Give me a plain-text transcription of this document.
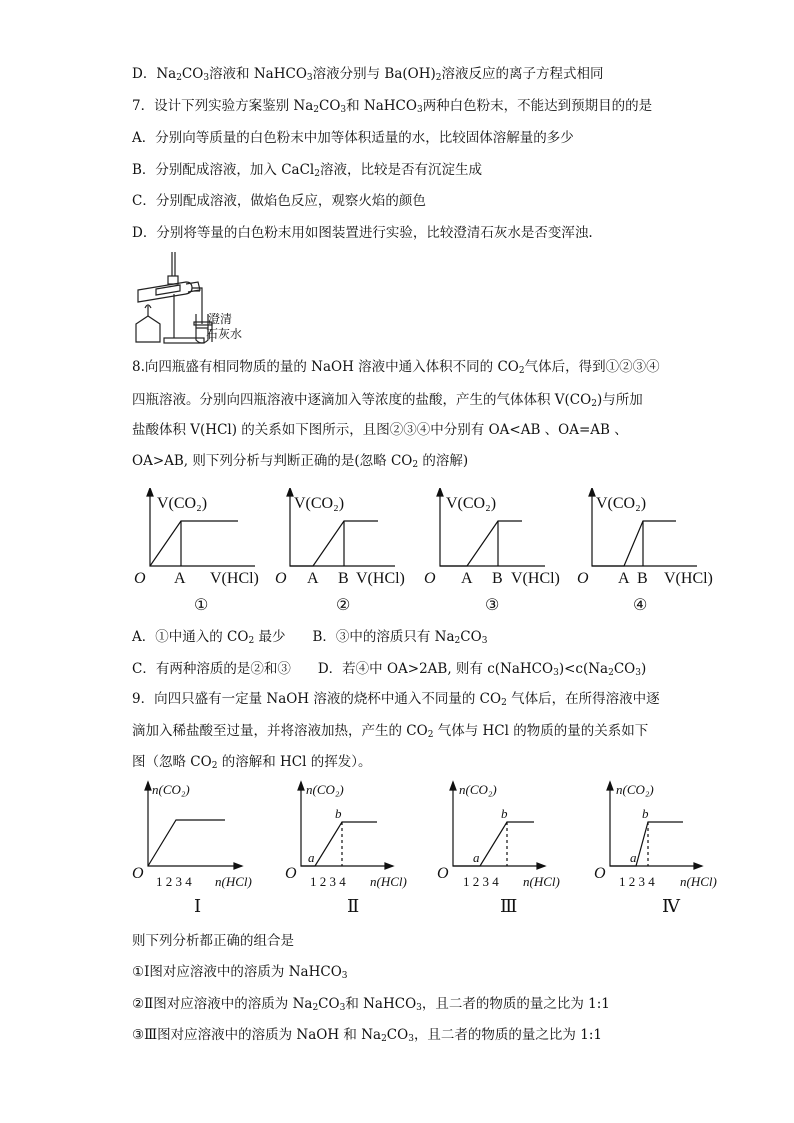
D．$Na_2CO_3$溶液和 NaHCO$_3$溶液分别与 $Ba(OH)_2$溶液反应的离子方程式相同
7．设计下列实验方案鉴别 $Na_2CO_3$和 NaHCO$_3$两种白色粉末，不能达到预期目的的是
A．分别向等质量的白色粉末中加等体积适量的水，比较固体溶解量的多少
B．分别配成溶液，加入 CaCl$_2$溶液，比较是否有沉淀生成
C．分别配成溶液，做焰色反应，观察火焰的颜色
D．分别将等量的白色粉末用如图装置进行实验，比较澄清石灰水是否变浑浊.
澄清
石灰水
8.向四瓶盛有相同物质的量的 NaOH 溶液中通入体积不同的 $CO_2$气体后，得到①②③④
四瓶溶液。分别向四瓶溶液中逐滴加入等浓度的盐酸，产生的气体体积 $V(CO_2)$与所加
盐酸体积 V(HCl) 的关系如下图所示，且图②③④中分别有 OA<AB 、OA=AB 、
OA>AB, 则下列分析与判断正确的是(忽略 $CO_2$ 的溶解)
V(CO₂)
O A V(HCl)
①
V(CO₂)
O A B V(HCl)
②
V(CO₂)
O A B V(HCl)
③
V(CO₂)
O A B V(HCl)
④
A．①中通入的 $CO_2$ 最少　　B．③中的溶质只有 $Na_2CO_3$
C．有两种溶质的是②和③　　D．若④中 OA>2AB, 则有 $c(NaHCO_3)<c(Na_2CO_3)$
9．向四只盛有一定量 NaOH 溶液的烧杯中通入不同量的 $CO_2$ 气体后，在所得溶液中逐
滴加入稀盐酸至过量，并将溶液加热，产生的 $CO_2$ 气体与 HCl 的物质的量的关系如下
图（忽略 $CO_2$ 的溶解和 HCl 的挥发）。
n(CO₂)
O 1 2 3 4 n(HCl)
Ⅰ
n(CO₂)
O
a
b
1 2 3 4 n(HCl)
Ⅱ
n(CO₂)
O
a
b
1 2 3 4 n(HCl)
Ⅲ
n(CO₂)
O
a
b
1 2 3 4 n(HCl)
Ⅳ
则下列分析都正确的组合是
①Ⅰ图对应溶液中的溶质为 NaHCO$_3$
②Ⅱ图对应溶液中的溶质为 $Na_2CO_3$和 NaHCO$_3$，且二者的物质的量之比为 1:1
③Ⅲ图对应溶液中的溶质为 NaOH 和 $Na_2CO_3$，且二者的物质的量之比为 1:1
